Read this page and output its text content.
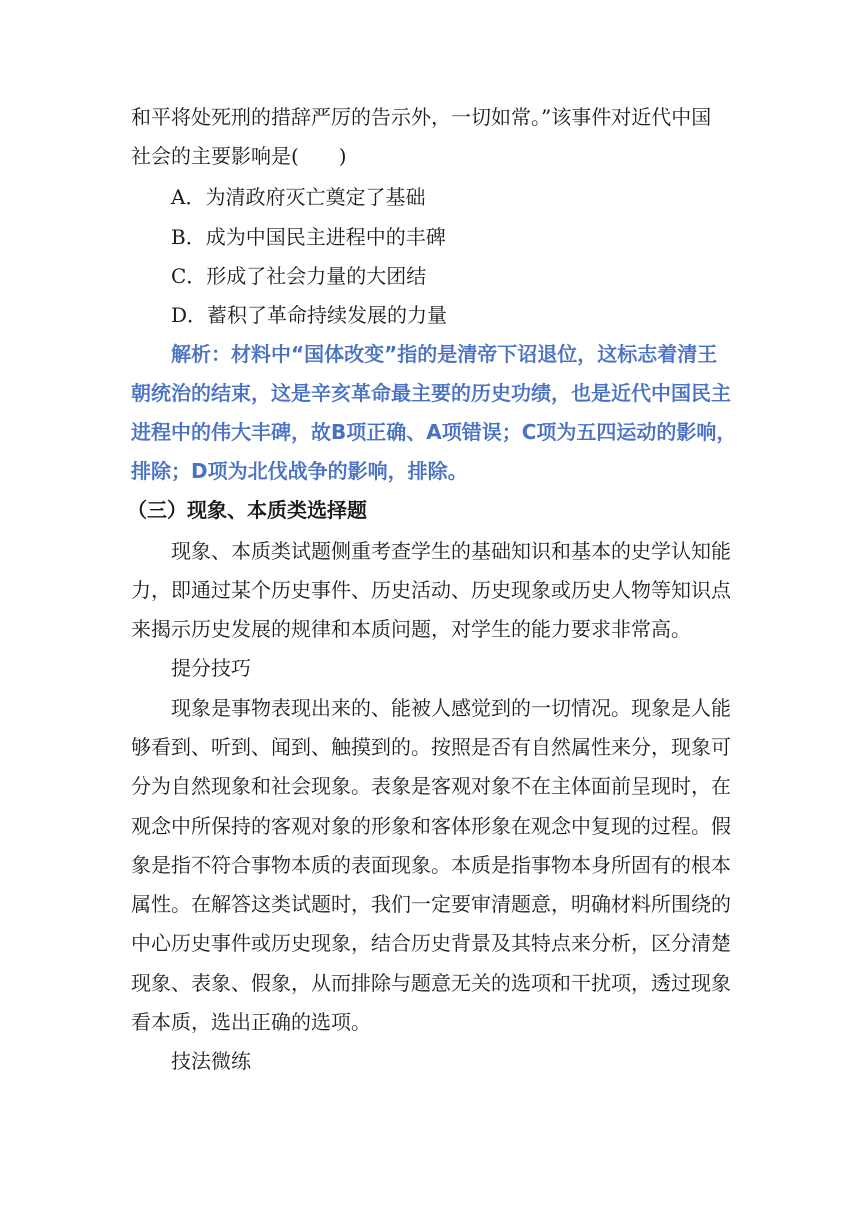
和平将处死刑的措辞严厉的告示外，一切如常。”该事件对近代中国
社会的主要影响是(　　)
A．为清政府灭亡奠定了基础
B．成为中国民主进程中的丰碑
C．形成了社会力量的大团结
D．蓄积了革命持续发展的力量
解析：材料中“国体改变”指的是清帝下诏退位，这标志着清王
朝统治的结束，这是辛亥革命最主要的历史功绩，也是近代中国民主
进程中的伟大丰碑，故B项正确、A项错误；C项为五四运动的影响，
排除；D项为北伐战争的影响，排除。
（三）现象、本质类选择题
现象、本质类试题侧重考查学生的基础知识和基本的史学认知能
力，即通过某个历史事件、历史活动、历史现象或历史人物等知识点
来揭示历史发展的规律和本质问题，对学生的能力要求非常高。
提分技巧
现象是事物表现出来的、能被人感觉到的一切情况。现象是人能
够看到、听到、闻到、触摸到的。按照是否有自然属性来分，现象可
分为自然现象和社会现象。表象是客观对象不在主体面前呈现时，在
观念中所保持的客观对象的形象和客体形象在观念中复现的过程。假
象是指不符合事物本质的表面现象。本质是指事物本身所固有的根本
属性。在解答这类试题时，我们一定要审清题意，明确材料所围绕的
中心历史事件或历史现象，结合历史背景及其特点来分析，区分清楚
现象、表象、假象，从而排除与题意无关的选项和干扰项，透过现象
看本质，选出正确的选项。
技法微练
